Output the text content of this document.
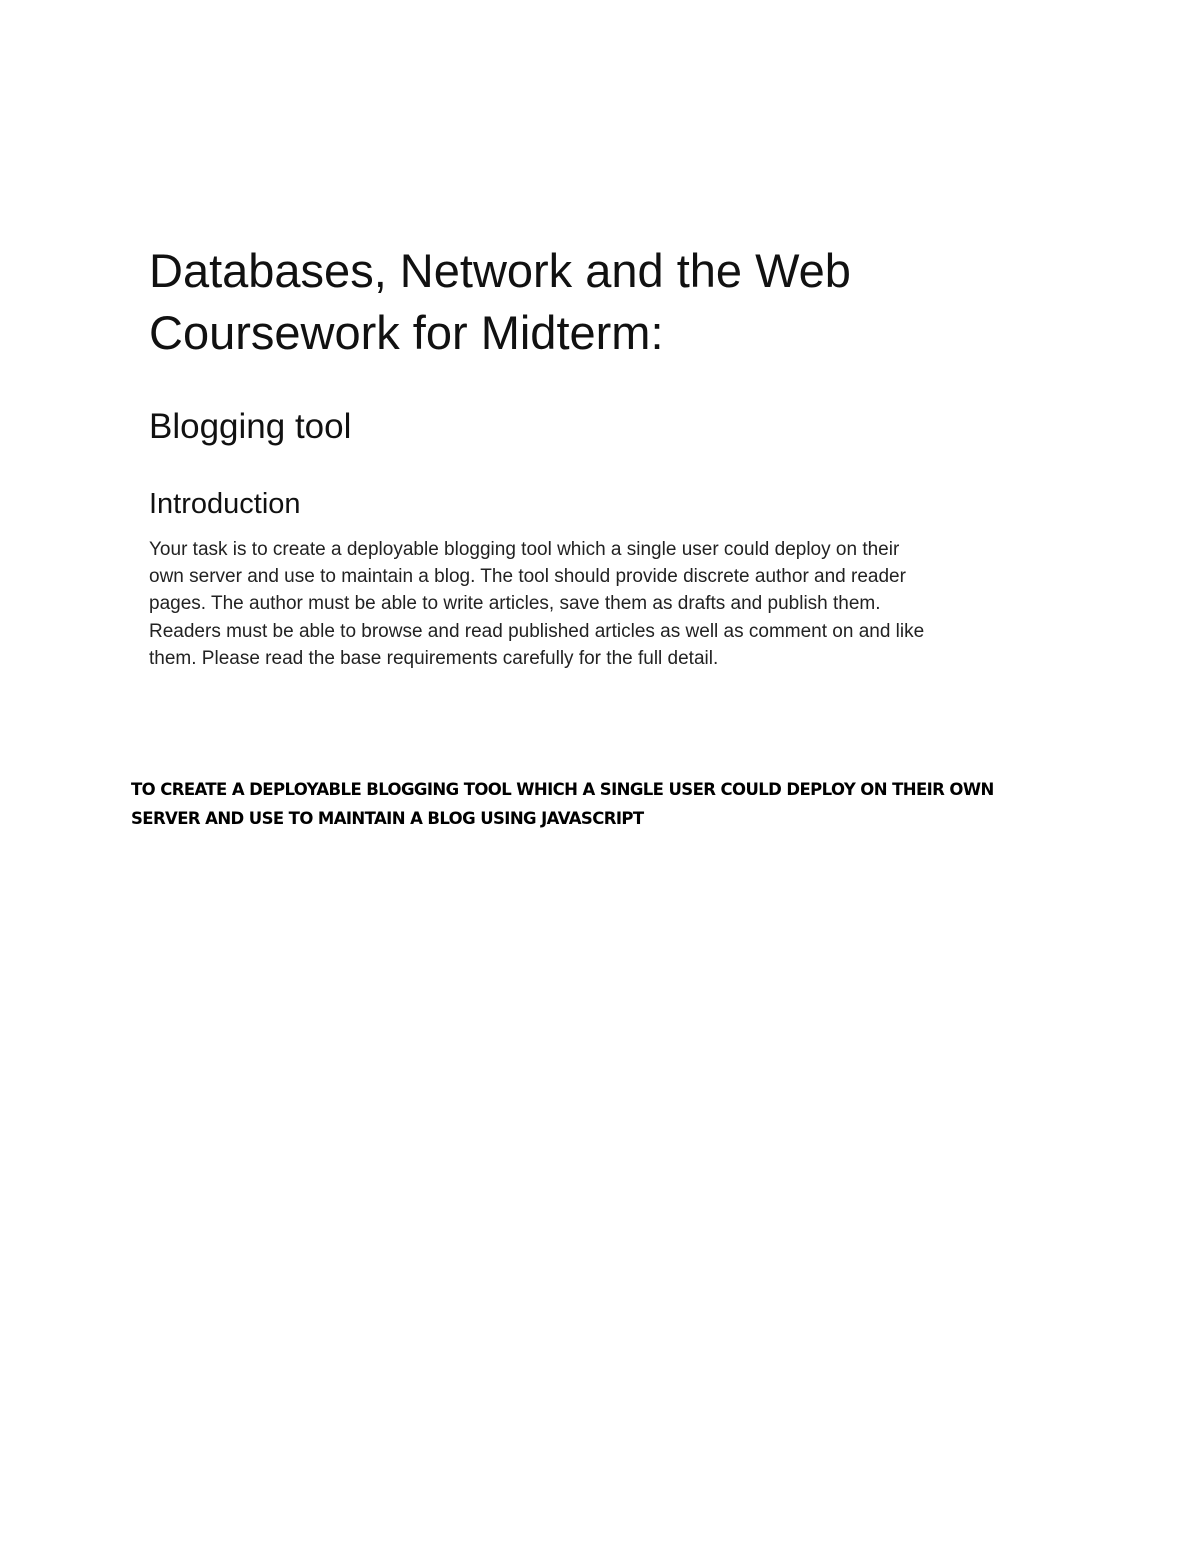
Databases, Network and the Web
Coursework for Midterm:
Blogging tool
Introduction

Your task is to create a deployable blogging tool which a single user could deploy on their
own server and use to maintain a blog. The tool should provide discrete author and reader
pages. The author must be able to write articles, save them as drafts and publish them.
Readers must be able to browse and read published articles as well as comment on and like
them. Please read the base requirements carefully for the full detail.

TO CREATE A DEPLOYABLE BLOGGING TOOL WHICH A SINGLE USER COULD DEPLOY ON THEIR OWN
SERVER AND USE TO MAINTAIN A BLOG USING JAVASCRIPT
